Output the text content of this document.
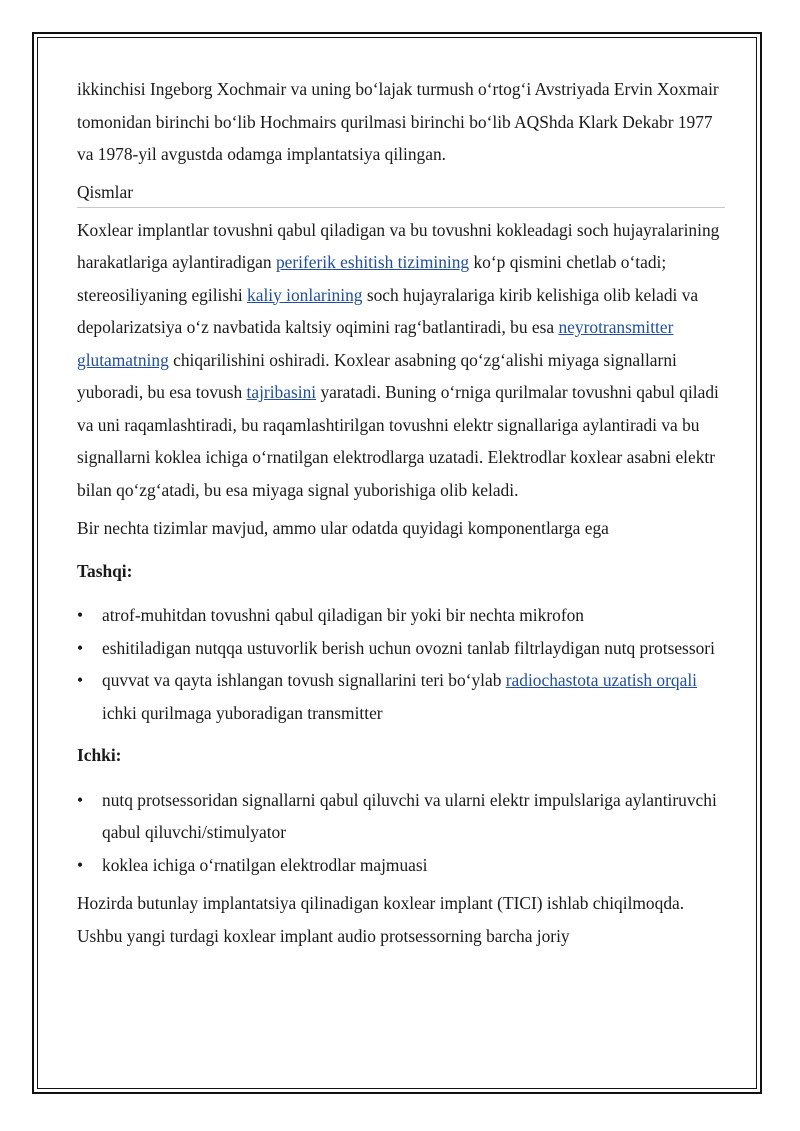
ikkinchisi Ingeborg Xochmair va uning bo‘lajak turmush o‘rtog‘i Avstriyada Ervin Xoxmair tomonidan birinchi bo‘lib Hochmairs qurilmasi birinchi bo‘lib AQShda Klark Dekabr 1977 va 1978-yil avgustda odamga implantatsiya qilingan.

Qismlar

Koxlear implantlar tovushni qabul qiladigan va bu tovushni kokleadagi soch hujayralarining harakatlariga aylantiradigan periferik eshitish tizimining ko‘p qismini chetlab o‘tadi; stereosiliyaning egilishi kaliy ionlarining soch hujayralariga kirib kelishiga olib keladi va depolarizatsiya o‘z navbatida kaltsiy oqimini rag‘batlantiradi, bu esa neyrotransmitter glutamatning chiqarilishini oshiradi. Koxlear asabning qo‘zg‘alishi miyaga signallarni yuboradi, bu esa tovush tajribasini yaratadi. Buning o‘rniga qurilmalar tovushni qabul qiladi va uni raqamlashtiradi, bu raqamlashtirilgan tovushni elektr signallariga aylantiradi va bu signallarni koklea ichiga o‘rnatilgan elektrodlarga uzatadi. Elektrodlar koxlear asabni elektr bilan qo‘zg‘atadi, bu esa miyaga signal yuborishiga olib keladi.

Bir nechta tizimlar mavjud, ammo ular odatda quyidagi komponentlarga ega

Tashqi:

•	atrof-muhitdan tovushni qabul qiladigan bir yoki bir nechta mikrofon
•	eshitiladigan nutqqa ustuvorlik berish uchun ovozni tanlab filtrlaydigan nutq protsessori
•	quvvat va qayta ishlangan tovush signallarini teri bo‘ylab radiochastota uzatish orqali ichki qurilmaga yuboradigan transmitter

Ichki:

•	nutq protsessoridan signallarni qabul qiluvchi va ularni elektr impulslariga aylantiruvchi qabul qiluvchi/stimulyator
•	koklea ichiga o‘rnatilgan elektrodlar majmuasi

Hozirda butunlay implantatsiya qilinadigan koxlear implant (TICI) ishlab chiqilmoqda. Ushbu yangi turdagi koxlear implant audio protsessorning barcha joriy
